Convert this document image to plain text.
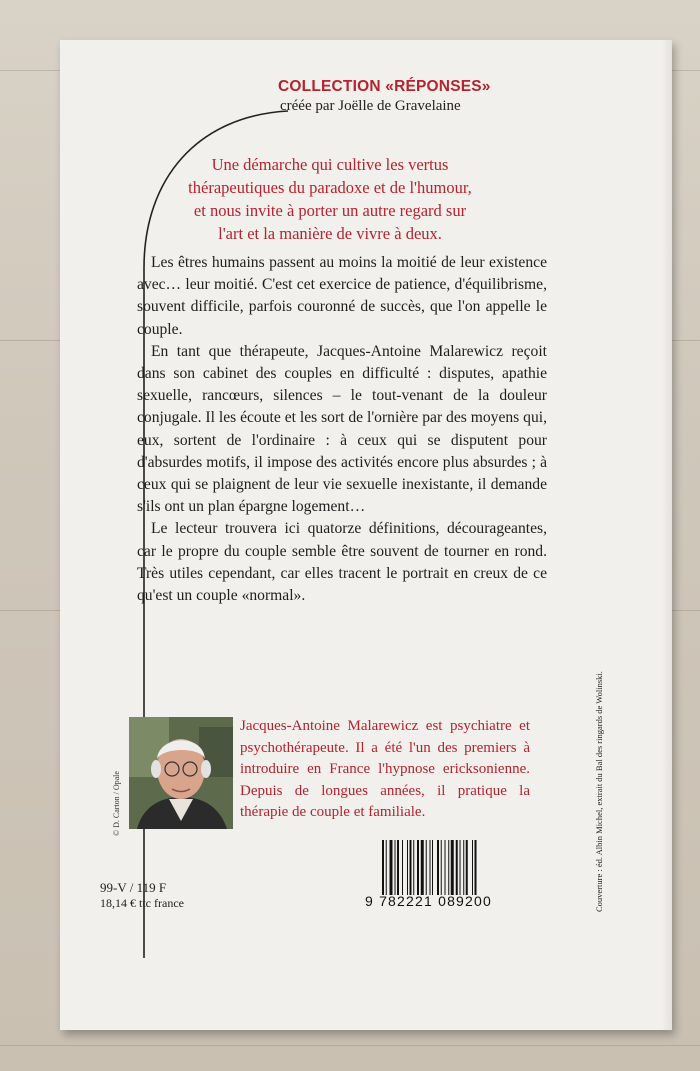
COLLECTION «RÉPONSES»
créée par Joëlle de Gravelaine
Une démarche qui cultive les vertus
thérapeutiques du paradoxe et de l'humour,
et nous invite à porter un autre regard sur
l'art et la manière de vivre à deux.

Les êtres humains passent au moins la moitié de leur existence avec… leur moitié. C'est cet exercice de patience, d'équilibrisme, souvent difficile, parfois couronné de succès, que l'on appelle le couple.

En tant que thérapeute, Jacques-Antoine Malarewicz reçoit dans son cabinet des couples en difficulté : disputes, apathie sexuelle, rancœurs, silences – le tout-venant de la douleur conjugale. Il les écoute et les sort de l'ornière par des moyens qui, eux, sortent de l'ordinaire : à ceux qui se disputent pour d'absurdes motifs, il impose des activités encore plus absurdes ; à ceux qui se plaignent de leur vie sexuelle inexistante, il demande s'ils ont un plan épargne logement…

Le lecteur trouvera ici quatorze définitions, décourageantes, car le propre du couple semble être souvent de tourner en rond. Très utiles cependant, car elles tracent le portrait en creux de ce qu'est un couple «normal».

© D. Carton / Opale
Jacques-Antoine Malarewicz est psychiatre et psychothérapeute. Il a été l'un des premiers à introduire en France l'hypnose ericksonienne. Depuis de longues années, il pratique la thérapie de couple et familiale.
9 782221 089200
99-V / 119 F
18,14 € ttc france	Couverture : éd. Albin Michel, extrait du Bal des ringards de Wolinski.
